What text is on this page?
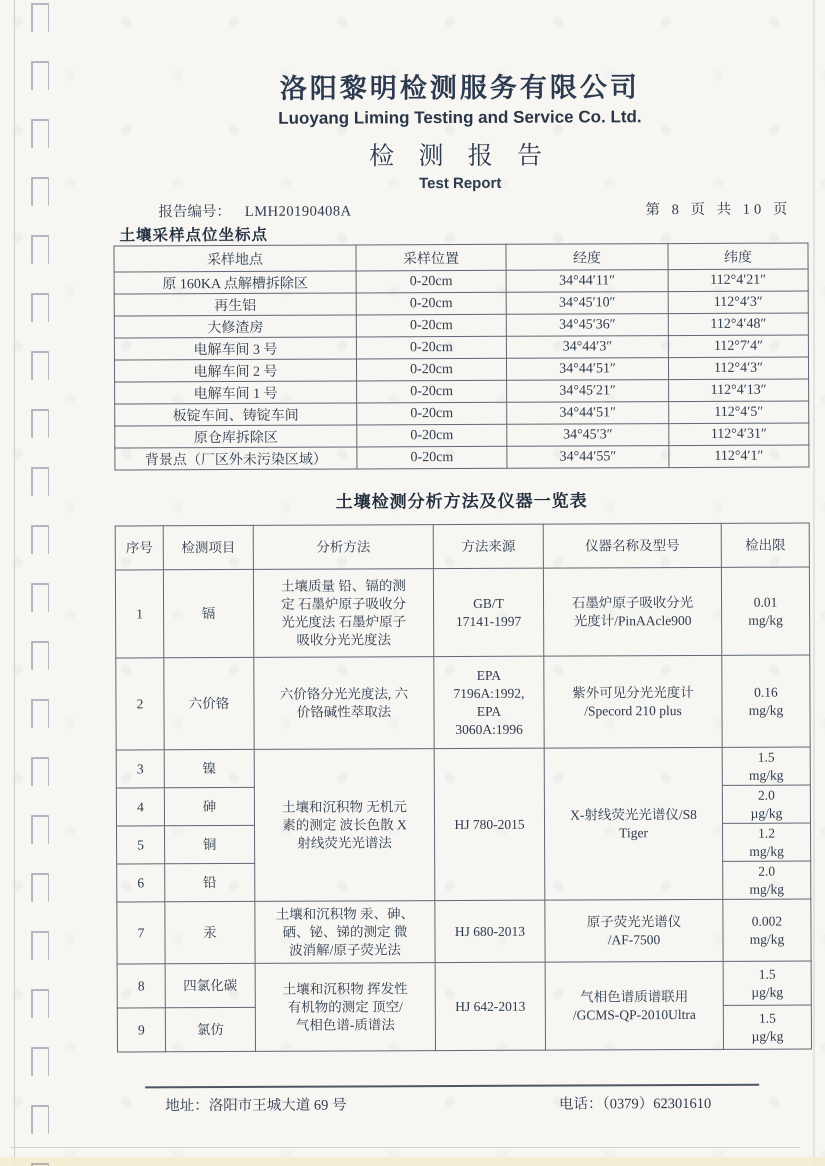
洛阳黎明检测服务有限公司
Luoyang Liming Testing and Service Co. Ltd.
检 测 报 告
Test Report
报告编号： LMH20190408A	第 8 页 共 10 页
土壤采样点位坐标点
采样地点	采样位置	经度	纬度
原 160KA 点解槽拆除区	0-20cm	34°44′11″	112°4′21″
再生铝	0-20cm	34°45′10″	112°4′3″
大修渣房	0-20cm	34°45′36″	112°4′48″
电解车间 3 号	0-20cm	34°44′3″	112°7′4″
电解车间 2 号	0-20cm	34°44′51″	112°4′3″
电解车间 1 号	0-20cm	34°45′21″	112°4′13″
板锭车间、铸锭车间	0-20cm	34°44′51″	112°4′5″
原仓库拆除区	0-20cm	34°45′3″	112°4′31″
背景点（厂区外未污染区域）	0-20cm	34°44′55″	112°4′1″
土壤检测分析方法及仪器一览表
序号	检测项目	分析方法	方法来源	仪器名称及型号	检出限
1	镉	土壤质量 铅、镉的测
定 石墨炉原子吸收分
光光度法 石墨炉原子
吸收分光光度法	GB/T
17141-1997	石墨炉原子吸收分光
光度计/PinAAcle900	0.01
mg/kg
2	六价铬	六价铬分光光度法, 六
价铬碱性萃取法	EPA
7196A:1992,
EPA
3060A:1996	紫外可见分光光度计
/Specord 210 plus	0.16
mg/kg
3	镍	土壤和沉积物 无机元
素的测定 波长色散 X
射线荧光光谱法	HJ 780-2015	X-射线荧光光谱仪/S8
Tiger	1.5
mg/kg
4	砷				2.0
µg/kg
5	铜				1.2
mg/kg
6	铅				2.0
mg/kg
7	汞	土壤和沉积物 汞、砷、
硒、铋、锑的测定 微
波消解/原子荧光法	HJ 680-2013	原子荧光光谱仪
/AF-7500	0.002
mg/kg
8	四氯化碳	土壤和沉积物 挥发性
有机物的测定 顶空/
气相色谱-质谱法	HJ 642-2013	气相色谱质谱联用
/GCMS-QP-2010Ultra	1.5
µg/kg
9	氯仿				1.5
µg/kg
地址：洛阳市王城大道 69 号	电话：（0379）62301610
